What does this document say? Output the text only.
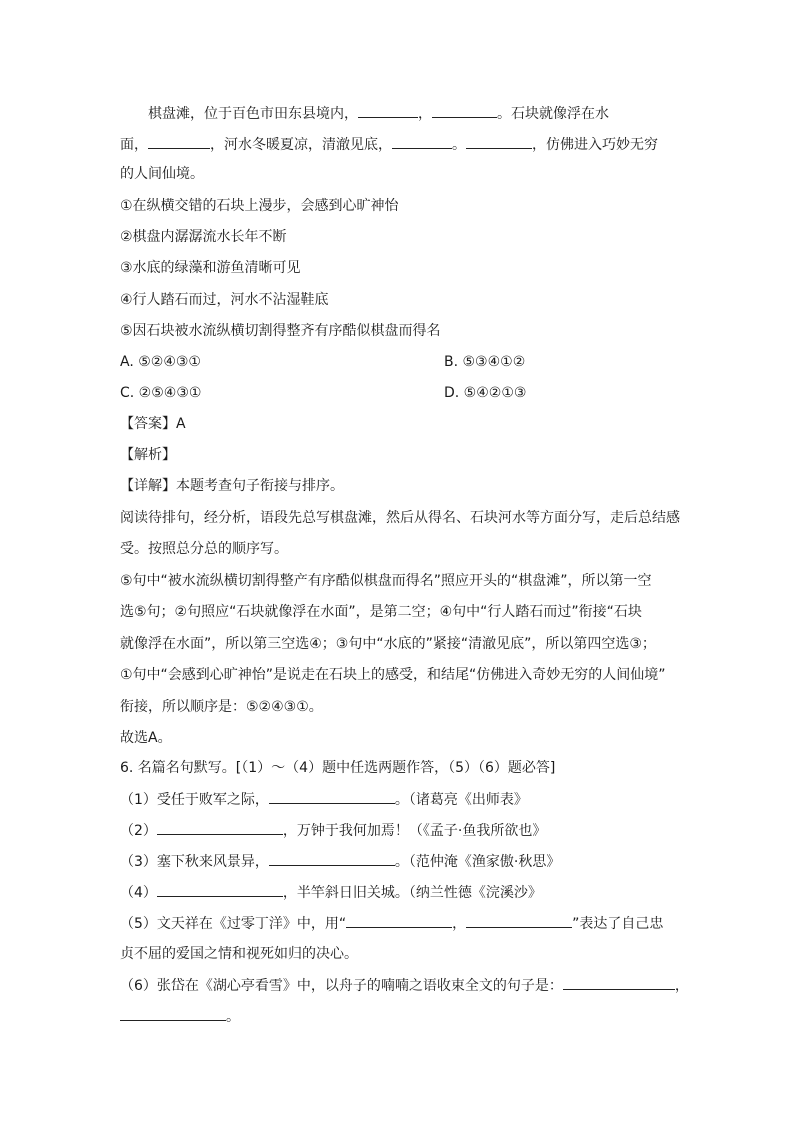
棋盘滩，位于百色市田东县境内，	，	。石块就像浮在水
面，	，河水冬暖夏凉，清澈见底，	。	，仿佛进入巧妙无穷
的人间仙境。
①在纵横交错的石块上漫步，会感到心旷神怡
②棋盘内潺潺流水长年不断
③水底的绿藻和游鱼清晰可见
④行人踏石而过，河水不沾湿鞋底
⑤因石块被水流纵横切割得整齐有序酷似棋盘而得名
A. ⑤②④③①	B. ⑤③④①②
C. ②⑤④③①	D. ⑤④②①③
【答案】A
【解析】
【详解】本题考查句子衔接与排序。
阅读待排句，经分析，语段先总写棋盘滩，然后从得名、石块河水等方面分写，走后总结感
受。按照总分总的顺序写。
⑤句中“被水流纵横切割得整产有序酷似棋盘而得名”照应开头的“棋盘滩”，所以第一空
选⑤句；②句照应“石块就像浮在水面”，是第二空；④句中“行人踏石而过”衔接“石块
就像浮在水面”，所以第三空选④；③句中“水底的”紧接“清澈见底”，所以第四空选③；
①句中“会感到心旷神怡”是说走在石块上的感受，和结尾“仿佛进入奇妙无穷的人间仙境”
衔接，所以顺序是：⑤②④③①。
故选A。
6. 名篇名句默写。[（1）～（4）题中任选两题作答，（5）（6）题必答]
（1）受任于败军之际，	。（诸葛亮《出师表》
（2）	，万钟于我何加焉！（《孟子·鱼我所欲也》
（3）塞下秋来风景异，	。（范仲淹《渔家傲·秋思》
（4）	，半竿斜日旧关城。（纳兰性德《浣溪沙》
（5）文天祥在《过零丁洋》中，用“	，	”表达了自己忠
贞不屈的爱国之情和视死如归的决心。
（6）张岱在《湖心亭看雪》中，以舟子的喃喃之语收束全文的句子是：	，
。
